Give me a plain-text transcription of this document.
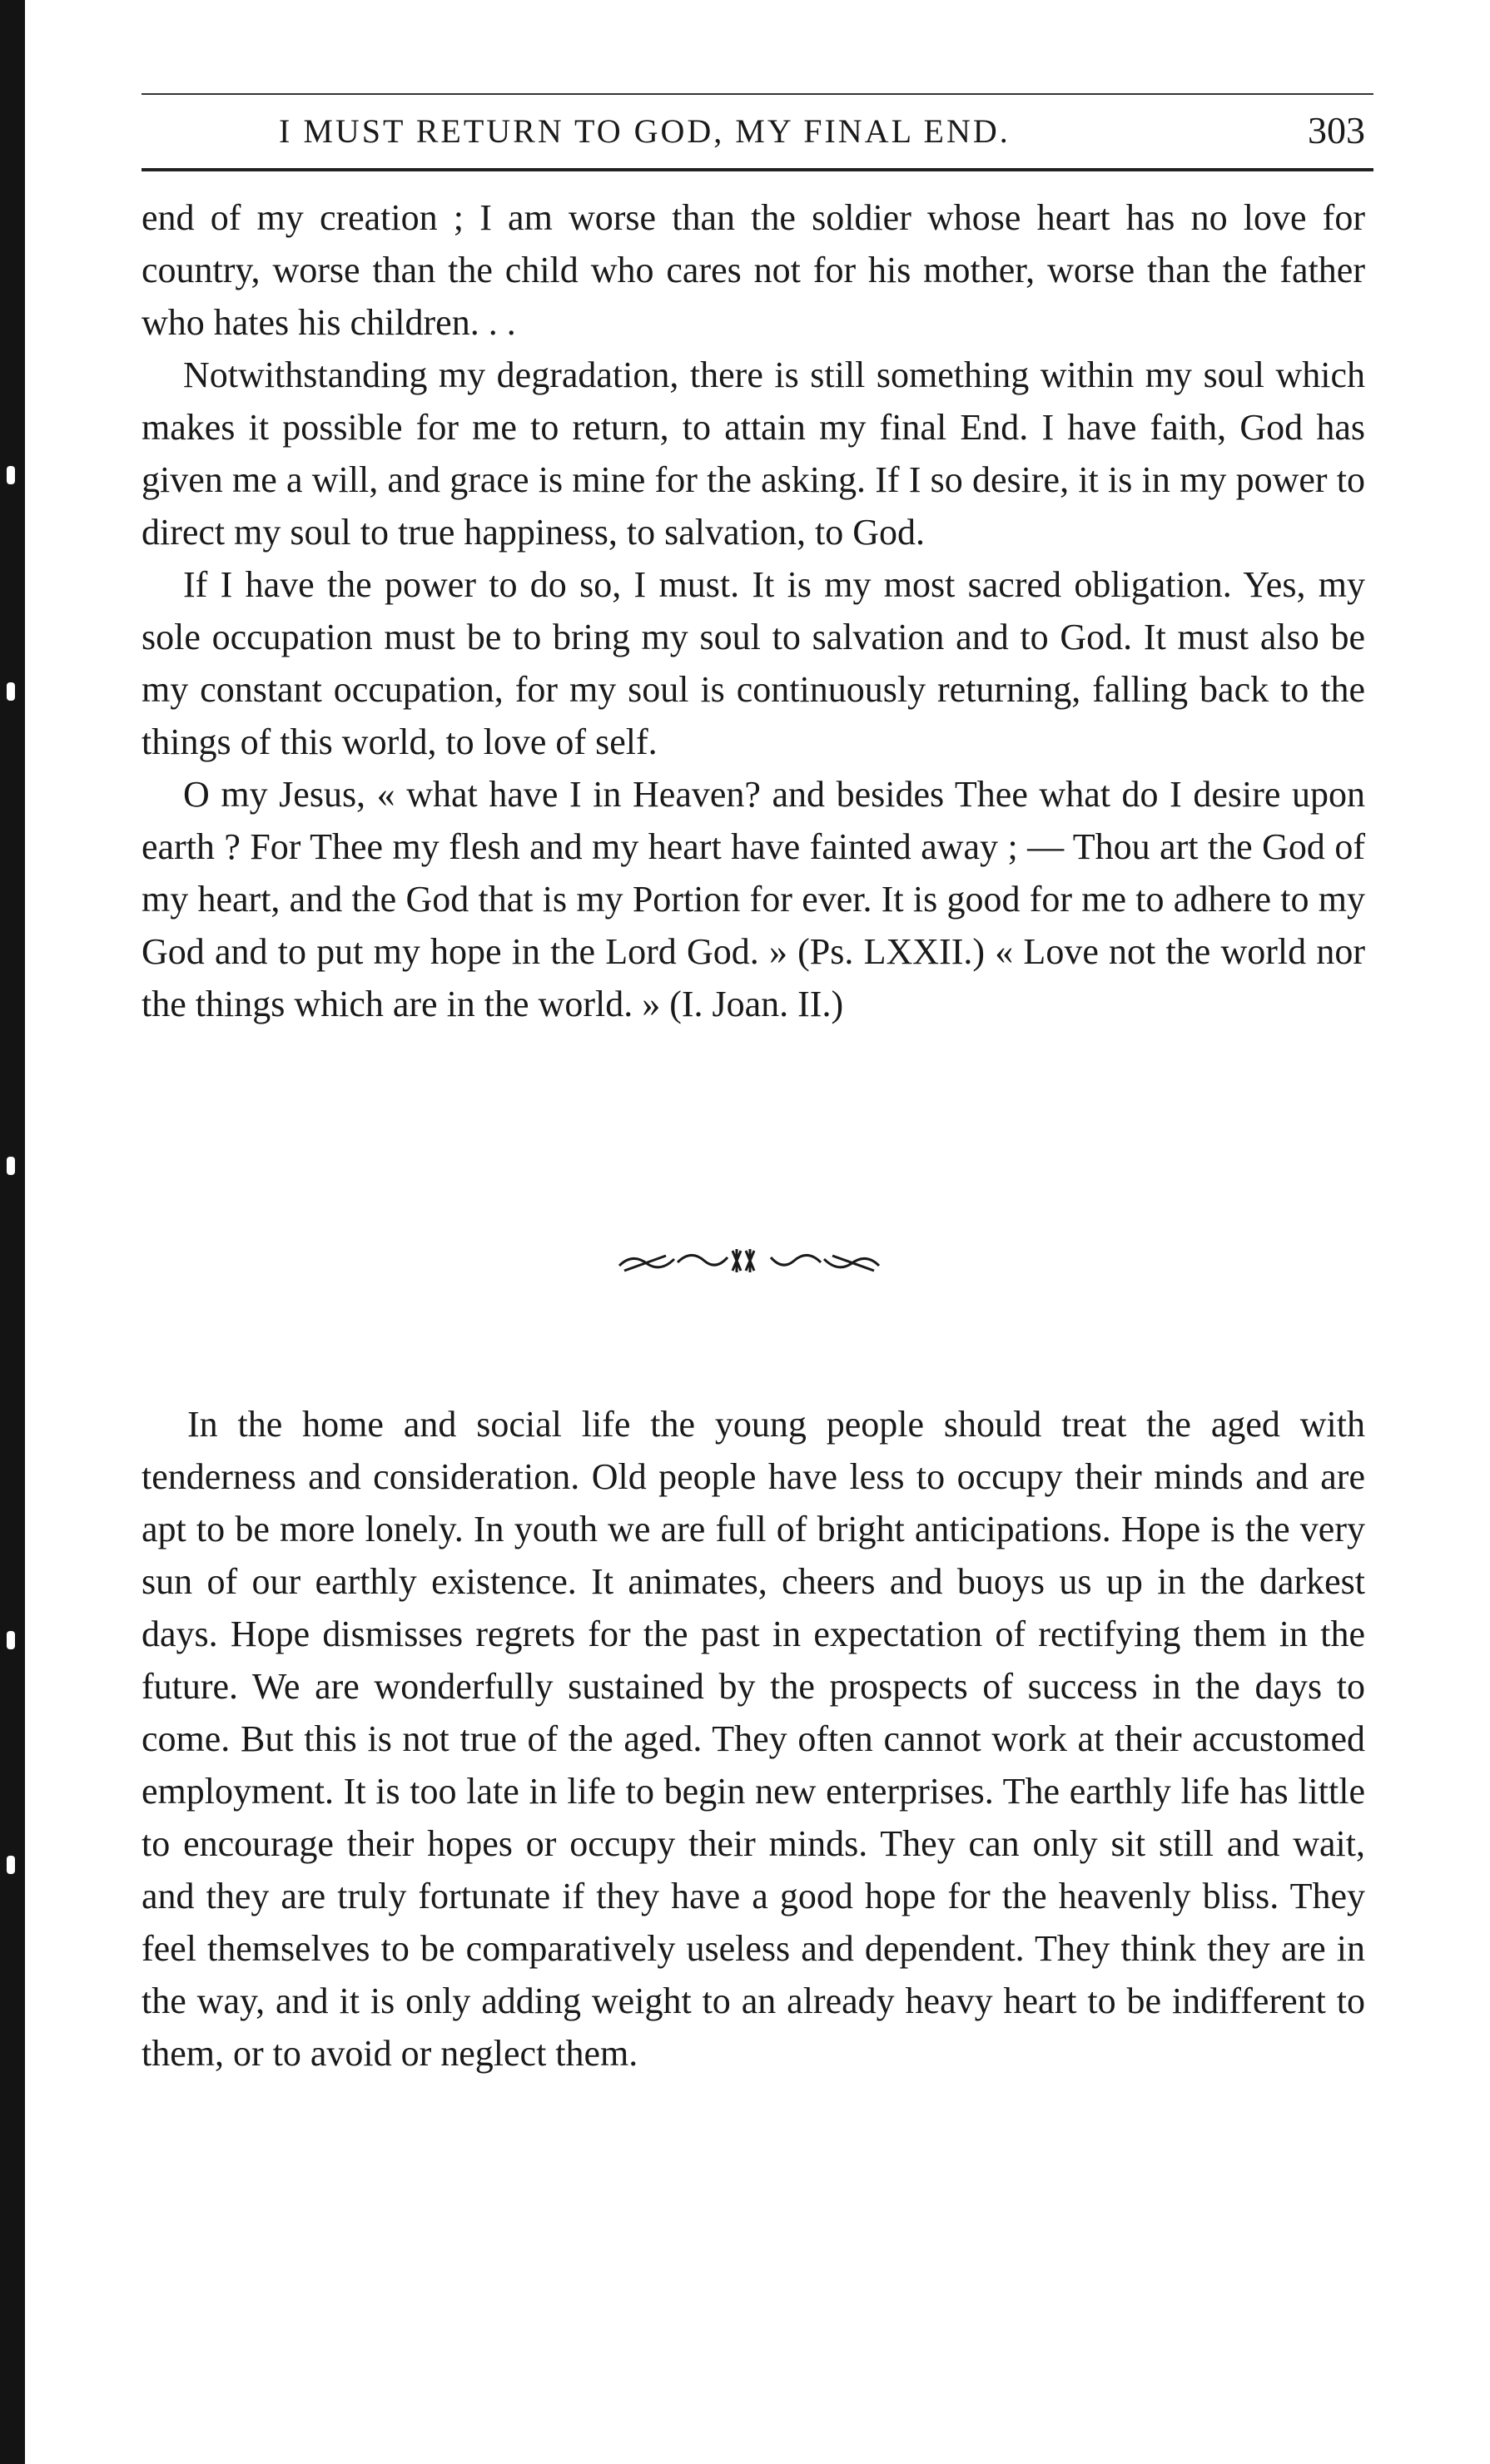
I MUST RETURN TO GOD, MY FINAL END.	303

end of my creation ; I am worse than the soldier whose heart has no love for country, worse than the child who cares not for his mother, worse than the father who hates his children. . .

Notwithstanding my degradation, there is still something within my soul which makes it possible for me to return, to attain my final End. I have faith, God has given me a will, and grace is mine for the asking. If I so desire, it is in my power to direct my soul to true happiness, to salvation, to God.

If I have the power to do so, I must. It is my most sacred obligation. Yes, my sole occupation must be to bring my soul to salvation and to God. It must also be my constant occupation, for my soul is continuously returning, falling back to the things of this world, to love of self.

O my Jesus, « what have I in Heaven? and besides Thee what do I desire upon earth ? For Thee my flesh and my heart have fainted away ; — Thou art the God of my heart, and the God that is my Portion for ever. It is good for me to adhere to my God and to put my hope in the Lord God. » (Ps. LXXII.) « Love not the world nor the things which are in the world. » (I. Joan. II.)

In the home and social life the young people should treat the aged with tenderness and consideration. Old people have less to occupy their minds and are apt to be more lonely. In youth we are full of bright anticipations. Hope is the very sun of our earthly existence. It animates, cheers and buoys us up in the darkest days. Hope dismisses regrets for the past in expectation of rectifying them in the future. We are wonderfully sustained by the prospects of success in the days to come. But this is not true of the aged. They often cannot work at their accustomed employment. It is too late in life to begin new enterprises. The earthly life has little to encourage their hopes or occupy their minds. They can only sit still and wait, and they are truly fortunate if they have a good hope for the heavenly bliss. They feel themselves to be comparatively useless and dependent. They think they are in the way, and it is only adding weight to an already heavy heart to be indifferent to them, or to avoid or neglect them.
